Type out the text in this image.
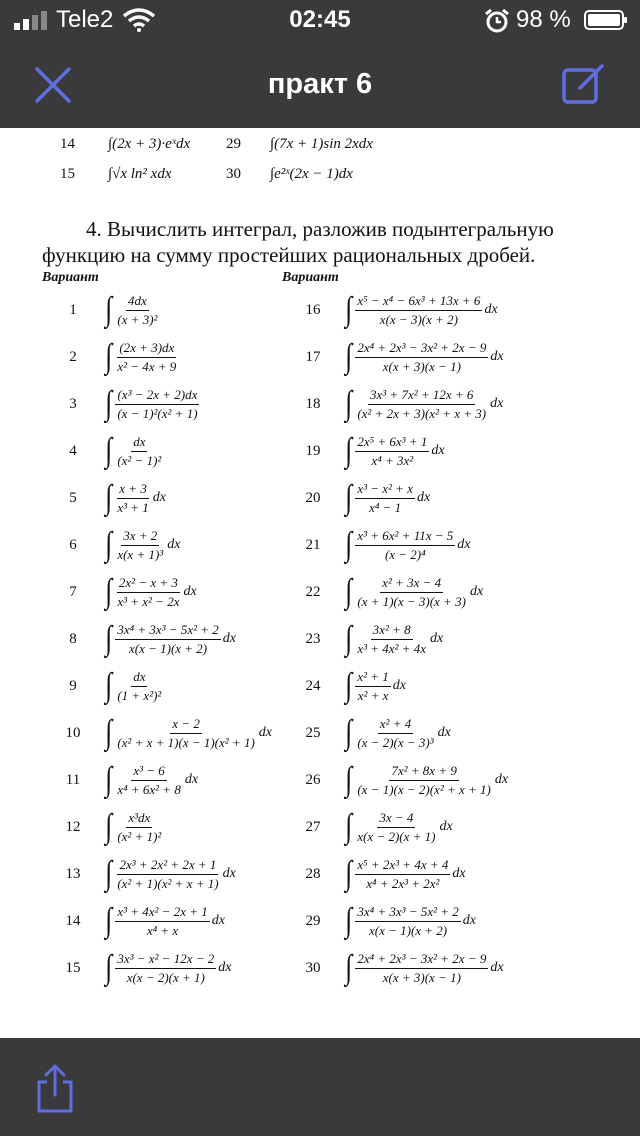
Tele2	02:45	98 %
практ 6
14 ∫(2x + 3)·eˣdx	29 ∫(7x + 1)sin 2xdx
15 ∫√x ln² xdx	30 ∫e²ˣ(2x − 1)dx
4. Вычислить интеграл, разложив подынтегральную
функцию на сумму простейших рациональных дробей.
Вариант	Вариант
1 ∫ $\frac{4dx}{\text{(x + 3)²}}$
2 ∫ $\frac{(2x + 3)dx}{\text{x² − 4x + 9}}$
3 ∫ $\frac{\text{(x³ − 2x + 2)dx}}{\text{(x − 1)²(x² + 1)}}$
4 ∫ $\frac{dx}{\text{(x² − 1)²}}$
5 ∫ $\frac{x + 3}{\text{x³ + 1}}$ dx
6 ∫ $\frac{3x + 2}{\text{x(x + 1)³}}$ dx
7 ∫ $\frac{\text{2x² − x + 3}}{\text{x³ + x² − 2x}}$ dx
8 ∫ $\frac{\text{3x⁴ + 3x³ − 5x² + 2}}{x(x - 1)(x + 2)}$ dx
9 ∫ $\frac{dx}{\text{(1 + x²)²}}$
10 ∫ $\frac{x - 2}{\text{(x² + x + 1)(x − 1)(x² + 1)}}$ dx
11 ∫ $\frac{\text{x³ − 6}}{\text{x⁴ + 6x² + 8}}$ dx
12 ∫ $\frac{\text{x³dx}}{\text{(x² + 1)²}}$
13 ∫ $\frac{\text{2x³ + 2x² + 2x + 1}}{\text{(x² + 1)(x² + x + 1)}}$ dx
14 ∫ $\frac{\text{x³ + 4x² − 2x + 1}}{\text{x⁴ + x}}$ dx
15 ∫ $\frac{\text{3x³ − x² − 12x − 2}}{x(x - 2)(x + 1)}$ dx
16 ∫ $\frac{\text{x⁵ − x⁴ − 6x³ + 13x + 6}}{x(x - 3)(x + 2)}$ dx
17 ∫ $\frac{\text{2x⁴ + 2x³ − 3x² + 2x − 9}}{x(x + 3)(x - 1)}$ dx
18 ∫ $\frac{\text{3x³ + 7x² + 12x + 6}}{\text{(x² + 2x + 3)(x² + x + 3)}}$ dx
19 ∫ $\frac{\text{2x⁵ + 6x³ + 1}}{\text{x⁴ + 3x²}}$ dx
20 ∫ $\frac{\text{x³ − x² + x}}{\text{x⁴ − 1}}$ dx
21 ∫ $\frac{\text{x³ + 6x² + 11x − 5}}{\text{(x − 2)⁴}}$ dx
22 ∫ $\frac{\text{x² + 3x − 4}}{(x + 1)(x - 3)(x + 3)}$ dx
23 ∫ $\frac{\text{3x² + 8}}{\text{x³ + 4x² + 4x}}$ dx
24 ∫ $\frac{\text{x² + 1}}{\text{x² + x}}$ dx
25 ∫ $\frac{\text{x² + 4}}{\text{(x − 2)(x − 3)³}}$ dx
26 ∫ $\frac{\text{7x² + 8x + 9}}{\text{(x − 1)(x − 2)(x² + x + 1)}}$ dx
27 ∫ $\frac{3x - 4}{x(x - 2)(x + 1)}$ dx
28 ∫ $\frac{\text{x⁵ + 2x³ + 4x + 4}}{\text{x⁴ + 2x³ + 2x²}}$ dx
29 ∫ $\frac{\text{3x⁴ + 3x³ − 5x² + 2}}{x(x - 1)(x + 2)}$ dx
30 ∫ $\frac{\text{2x⁴ + 2x³ − 3x² + 2x − 9}}{x(x + 3)(x - 1)}$ dx
